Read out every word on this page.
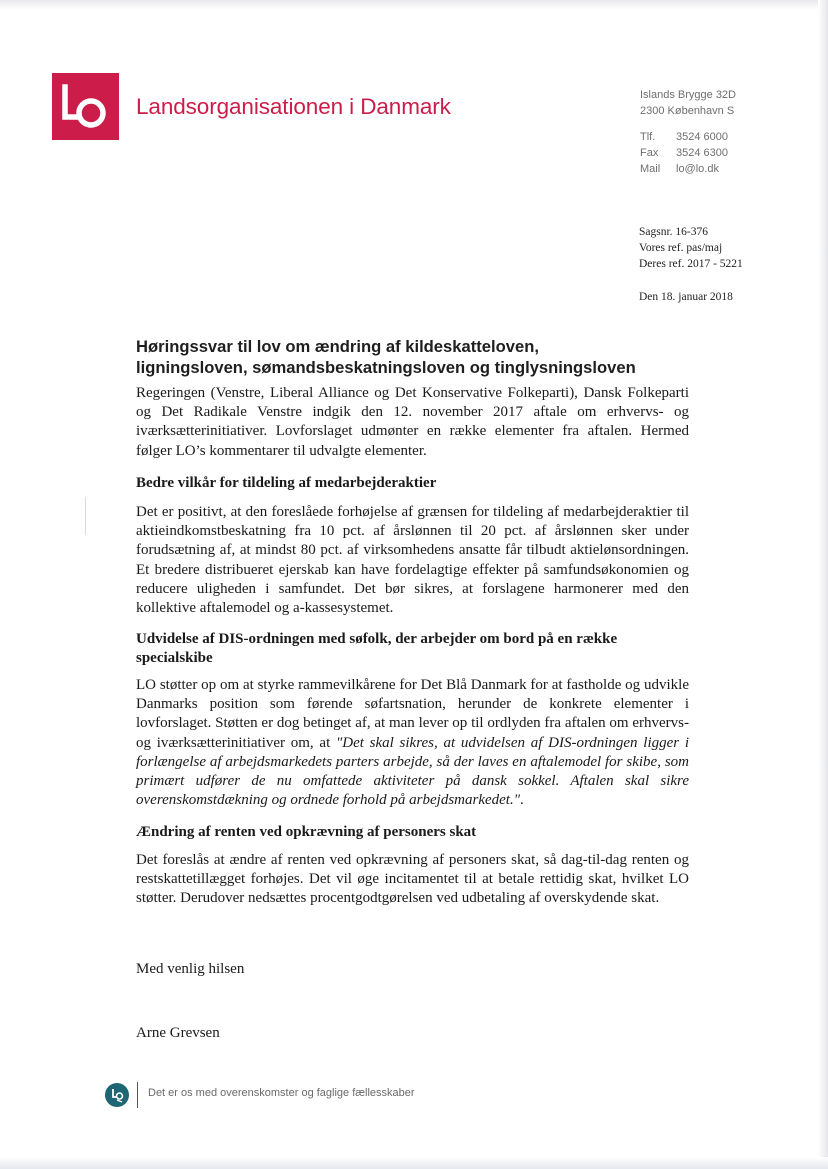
Landsorganisationen i Danmark	Islands Brygge 32D
2300 København S
Tlf. 3524 6000
Fax 3524 6300
Mail lo@lo.dk
Sagsnr. 16-376
Vores ref. pas/maj
Deres ref. 2017 - 5221
Den 18. januar 2018
Høringssvar til lov om ændring af kildeskatteloven,
ligningsloven, sømandsbeskatningsloven og tinglysningsloven
Regeringen (Venstre, Liberal Alliance og Det Konservative Folkeparti), Dansk Folkeparti og Det Radikale Venstre indgik den 12. november 2017 aftale om erhvervs- og iværksætterinitiativer. Lovforslaget udmønter en række elementer fra aftalen. Hermed følger LO’s kommentarer til udvalgte elementer.
Bedre vilkår for tildeling af medarbejderaktier
Det er positivt, at den foreslåede forhøjelse af grænsen for tildeling af medarbejderaktier til aktieindkomstbeskatning fra 10 pct. af årslønnen til 20 pct. af årslønnen sker under forudsætning af, at mindst 80 pct. af virksomhedens ansatte får tilbudt aktielønsordningen. Et bredere distribueret ejerskab kan have fordelagtige effekter på samfundsøkonomien og reducere uligheden i samfundet. Det bør sikres, at forslagene harmonerer med den kollektive aftalemodel og a-kassesystemet.
Udvidelse af DIS-ordningen med søfolk, der arbejder om bord på en række specialskibe
LO støtter op om at styrke rammevilkårene for Det Blå Danmark for at fastholde og udvikle Danmarks position som førende søfartsnation, herunder de konkrete elementer i lovforslaget. Støtten er dog betinget af, at man lever op til ordlyden fra aftalen om erhvervs- og iværksætterinitiativer om, at "Det skal sikres, at udvidelsen af DIS-ordningen ligger i forlængelse af arbejdsmarkedets parters arbejde, så der laves en aftalemodel for skibe, som primært udfører de nu omfattede aktiviteter på dansk sokkel. Aftalen skal sikre overenskomstdækning og ordnede forhold på arbejdsmarkedet.".
Ændring af renten ved opkrævning af personers skat
Det foreslås at ændre af renten ved opkrævning af personers skat, så dag-til-dag renten og restskattetillægget forhøjes. Det vil øge incitamentet til at betale rettidig skat, hvilket LO støtter. Derudover nedsættes procentgodtgørelsen ved udbetaling af overskydende skat.
Med venlig hilsen
Arne Grevsen
Det er os med overenskomster og faglige fællesskaber
